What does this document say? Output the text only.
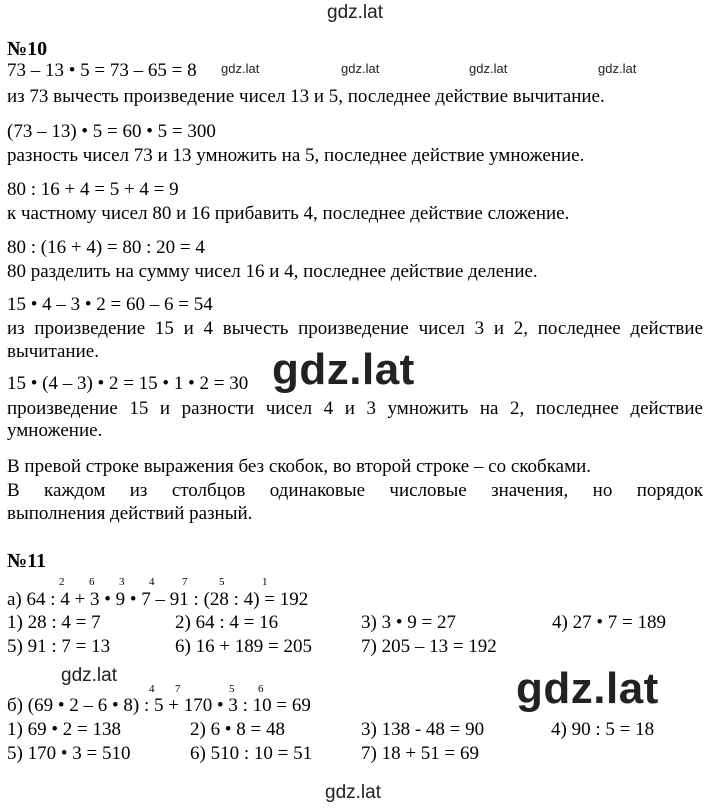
gdz.lat
gdz.lat	gdz.lat	gdz.lat	gdz.lat
gdz.lat
gdz.lat	gdz.lat
gdz.lat
№10
73 – 13 • 5 = 73 – 65 = 8
из 73 вычесть произведение чисел 13 и 5, последнее действие вычитание.
(73 – 13) • 5 = 60 • 5 = 300
разность чисел 73 и 13 умножить на 5, последнее действие умножение.
80 : 16 + 4 = 5 + 4 = 9
к частному чисел 80 и 16 прибавить 4, последнее действие сложение.
80 : (16 + 4) = 80 : 20 = 4
80 разделить на сумму чисел 16 и 4, последнее действие деление.
15 • 4 – 3 • 2 = 60 – 6 = 54
из произведение 15 и 4 вычесть произведение чисел 3 и 2, последнее действие
вычитание.
15 • (4 – 3) • 2 = 15 • 1 • 2 = 30
произведение 15 и разности чисел 4 и 3 умножить на 2, последнее действие
умножение.
В превой строке выражения без скобок, во второй строке – со скобками.
В каждом из столбцов одинаковые числовые значения, но порядок
выполнения действий разный.
№11
2 6 3 4	7	5	1
а) 64 : 4 + 3 • 9 • 7 – 91 : (28 : 4) = 192
1) 28 : 4 = 7	2) 64 : 4 = 16	3) 3 • 9 = 27	4) 27 • 7 = 189
5) 91 : 7 = 13	6) 16 + 189 = 205	7) 205 – 13 = 192
4 7	5 6
б) (69 • 2 – 6 • 8) : 5 + 170 • 3 : 10 = 69
1) 69 • 2 = 138	2) 6 • 8 = 48	3) 138 - 48 = 90	4) 90 : 5 = 18
5) 170 • 3 = 510	6) 510 : 10 = 51	7) 18 + 51 = 69
